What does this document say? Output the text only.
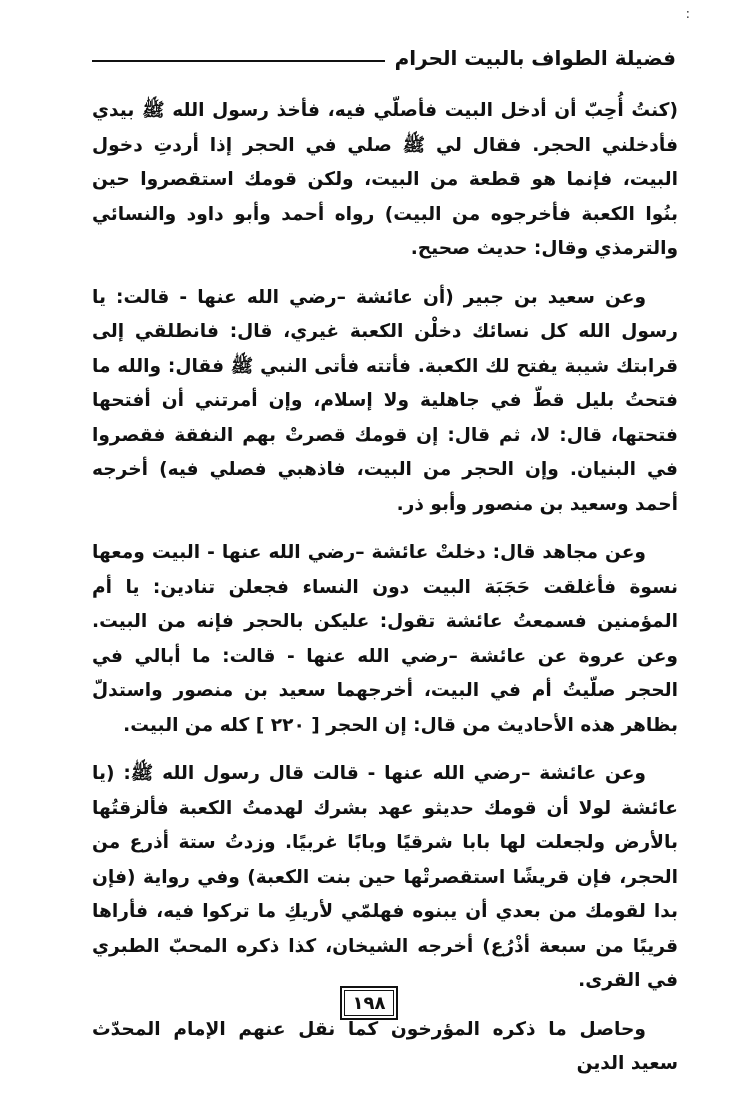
:
فضيلة الطواف بالبيت الحرام

(كنتُ أُحِبّ أن أدخل البيت فأصلّي فيه، فأخذ رسول الله ﷺ بيدي فأدخلني الحجر. فقال لي ﷺ صلي في الحجر إذا أردتِ دخول البيت، فإنما هو قطعة من البيت، ولكن قومك استقصروا حين بنُوا الكعبة فأخرجوه من البيت) رواه أحمد وأبو داود والنسائي والترمذي وقال: حديث صحيح.

وعن سعيد بن جبير (أن عائشة –رضي الله عنها - قالت: يا رسول الله كل نسائك دخلْن الكعبة غيري، قال: فانطلقي إلى قرابتك شيبة يفتح لك الكعبة. فأتته فأتى النبي ﷺ فقال: والله ما فتحتُ بليل قطّ في جاهلية ولا إسلام، وإن أمرتني أن أفتحها فتحتها، قال: لا، ثم قال: إن قومك قصرتْ بهم النفقة فقصروا في البنيان. وإن الحجر من البيت، فاذهبي فصلي فيه) أخرجه أحمد وسعيد بن منصور وأبو ذر.

وعن مجاهد قال: دخلتْ عائشة –رضي الله عنها - البيت ومعها نسوة فأغلقت حَجَبَة البيت دون النساء فجعلن تنادين: يا أم المؤمنين فسمعتُ عائشة تقول: عليكن بالحجر فإنه من البيت. وعن عروة عن عائشة –رضي الله عنها - قالت: ما أبالي في الحجر صلّيتُ أم في البيت، أخرجهما سعيد بن منصور واستدلّ بظاهر هذه الأحاديث من قال: إن الحجر [ ٢٢٠ ] كله من البيت.

وعن عائشة –رضي الله عنها - قالت قال رسول الله ﷺ: (يا عائشة لولا أن قومك حديثو عهد بشرك لهدمتُ الكعبة فألزقتُها بالأرض ولجعلت لها بابا شرقيًا وبابًا غربيًا. وزدتُ ستة أذرع من الحجر، فإن قريشًا استقصرتْها حين بنت الكعبة) وفي رواية (فإن بدا لقومك من بعدي أن يبنوه فهلمّي لأريكِ ما تركوا فيه، فأراها قريبًا من سبعة أذْرُع) أخرجه الشيخان، كذا ذكره المحبّ الطبري في القرى.

وحاصل ما ذكره المؤرخون كما نقل عنهم الإمام المحدّث سعيد الدين

١٩٨
